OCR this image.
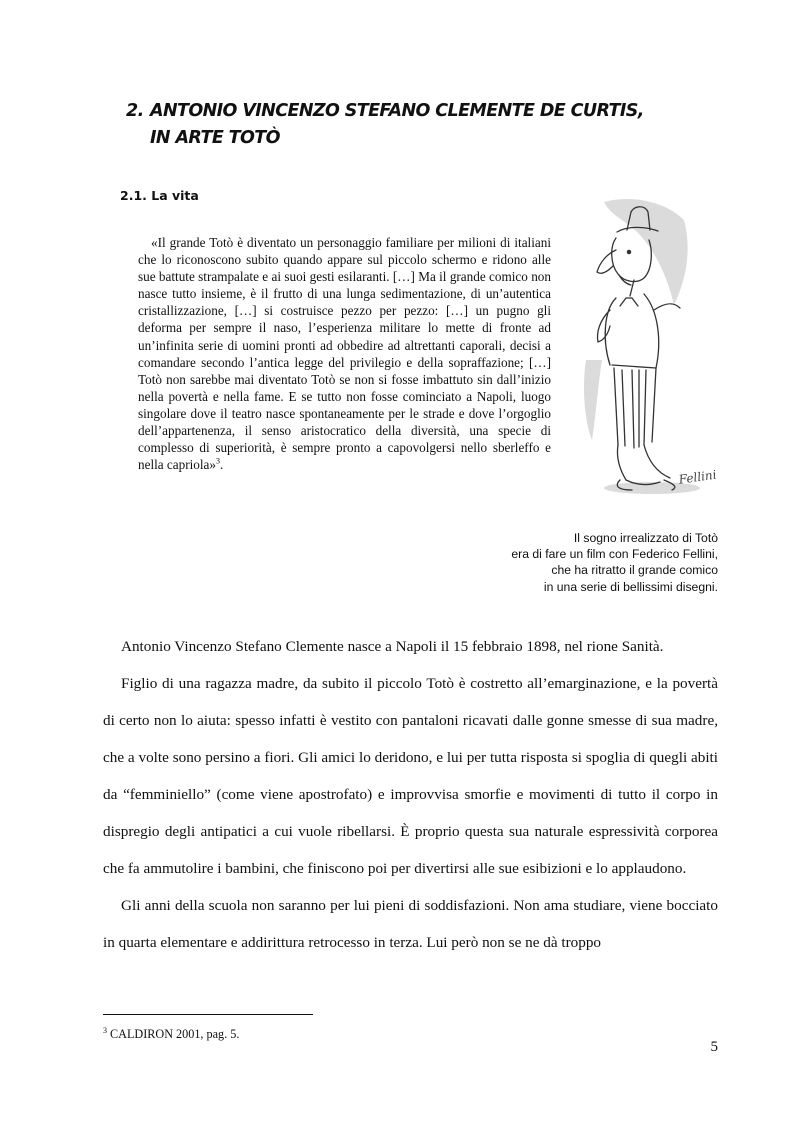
2. ANTONIO VINCENZO STEFANO CLEMENTE DE CURTIS,
IN ARTE TOTÒ
2.1. La vita

«Il grande Totò è diventato un personaggio familiare per milioni di italiani che lo riconoscono subito quando appare sul piccolo schermo e ridono alle sue battute strampalate e ai suoi gesti esilaranti. […] Ma il grande comico non nasce tutto insieme, è il frutto di una lunga sedimentazione, di un’autentica cristallizzazione, […] si costruisce pezzo per pezzo: […] un pugno gli deforma per sempre il naso, l’esperienza militare lo mette di fronte ad un’infinita serie di uomini pronti ad obbedire ad altrettanti caporali, decisi a comandare secondo l’antica legge del privilegio e della sopraffazione; […] Totò non sarebbe mai diventato Totò se non si fosse imbattuto sin dall’inizio nella povertà e nella fame. E se tutto non fosse cominciato a Napoli, luogo singolare dove il teatro nasce spontaneamente per le strade e dove l’orgoglio dell’appartenenza, il senso aristocratico della diversità, una specie di complesso di superiorità, è sempre pronto a capovolgersi nello sberleffo e nella capriola»$^3$.

Fellini
Il sogno irrealizzato di Totò
era di fare un film con Federico Fellini,
che ha ritratto il grande comico
in una serie di bellissimi disegni.

Antonio Vincenzo Stefano Clemente nasce a Napoli il 15 febbraio 1898, nel rione Sanità.

Figlio di una ragazza madre, da subito il piccolo Totò è costretto all’emarginazione, e la povertà di certo non lo aiuta: spesso infatti è vestito con pantaloni ricavati dalle gonne smesse di sua madre, che a volte sono persino a fiori. Gli amici lo deridono, e lui per tutta risposta si spoglia di quegli abiti da “femminiello” (come viene apostrofato) e improvvisa smorfie e movimenti di tutto il corpo in dispregio degli antipatici a cui vuole ribellarsi. È proprio questa sua naturale espressività corporea che fa ammutolire i bambini, che finiscono poi per divertirsi alle sue esibizioni e lo applaudono.

Gli anni della scuola non saranno per lui pieni di soddisfazioni. Non ama studiare, viene bocciato in quarta elementare e addirittura retrocesso in terza. Lui però non se ne dà troppo

$^3$ CALDIRON 2001, pag. 5.
5
